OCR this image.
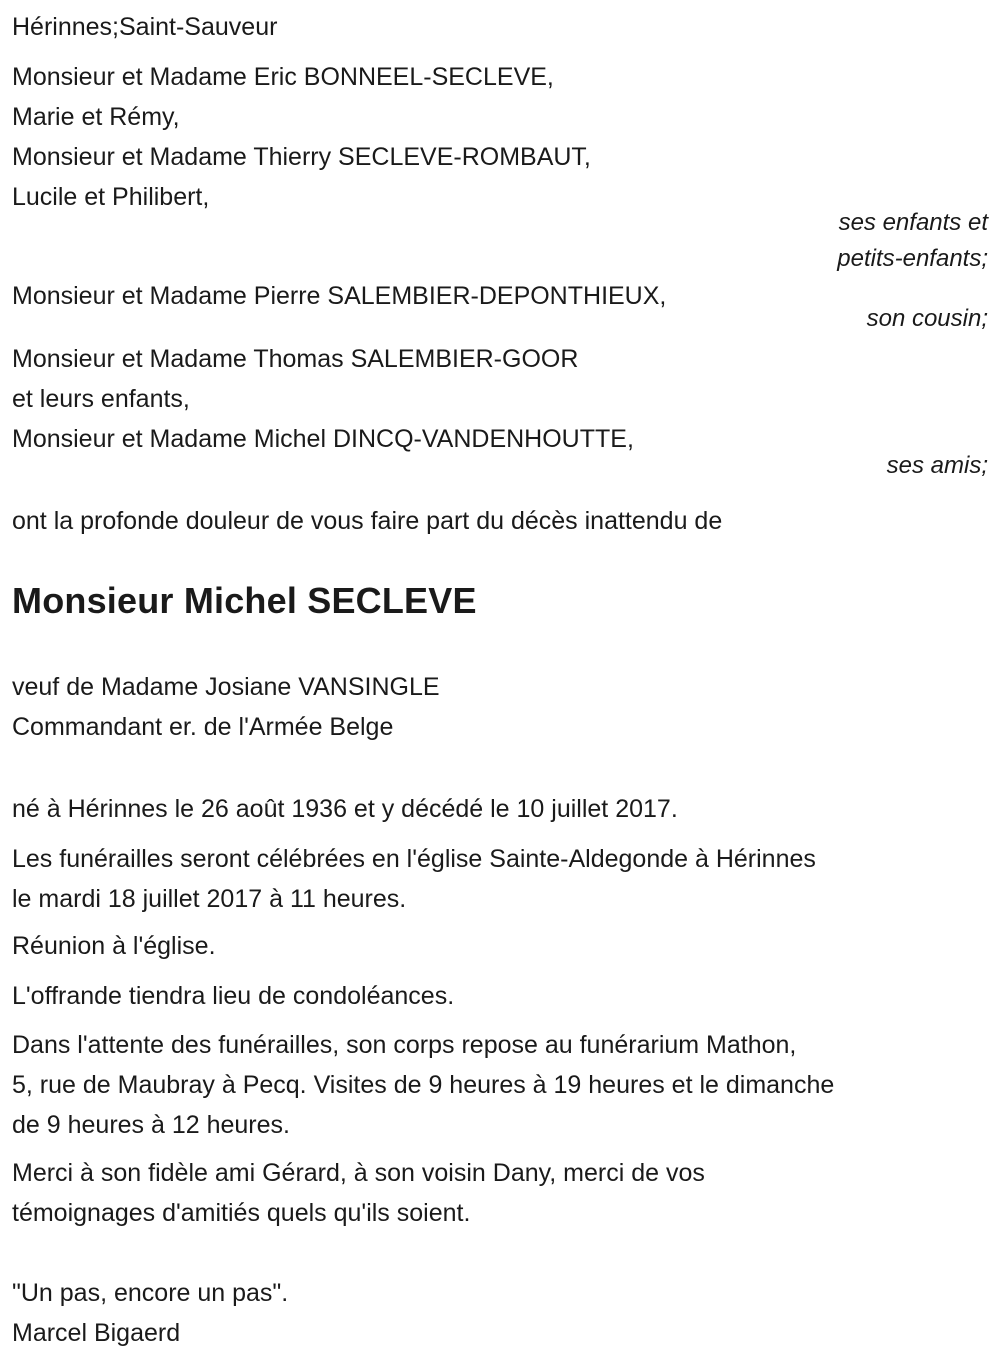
Hérinnes;Saint-Sauveur

Monsieur et Madame Eric BONNEEL-SECLEVE,
Marie et Rémy,
Monsieur et Madame Thierry SECLEVE-ROMBAUT,
Lucile et Philibert,

ses enfants et
petits-enfants;

Monsieur et Madame Pierre SALEMBIER-DEPONTHIEUX,

son cousin;

Monsieur et Madame Thomas SALEMBIER-GOOR
et leurs enfants,
Monsieur et Madame Michel DINCQ-VANDENHOUTTE,

ses amis;

ont la profonde douleur de vous faire part du décès inattendu de

Monsieur Michel SECLEVE

veuf de Madame Josiane VANSINGLE
Commandant er. de l'Armée Belge

né à Hérinnes le 26 août 1936 et y décédé le 10 juillet 2017.

Les funérailles seront célébrées en l'église Sainte-Aldegonde à Hérinnes
le mardi 18 juillet 2017 à 11 heures.

Réunion à l'église.

L'offrande tiendra lieu de condoléances.

Dans l'attente des funérailles, son corps repose au funérarium Mathon,
5, rue de Maubray à Pecq. Visites de 9 heures à 19 heures et le dimanche
de 9 heures à 12 heures.

Merci à son fidèle ami Gérard, à son voisin Dany, merci de vos
témoignages d'amitiés quels qu'ils soient.

"Un pas, encore un pas".
Marcel Bigaerd
